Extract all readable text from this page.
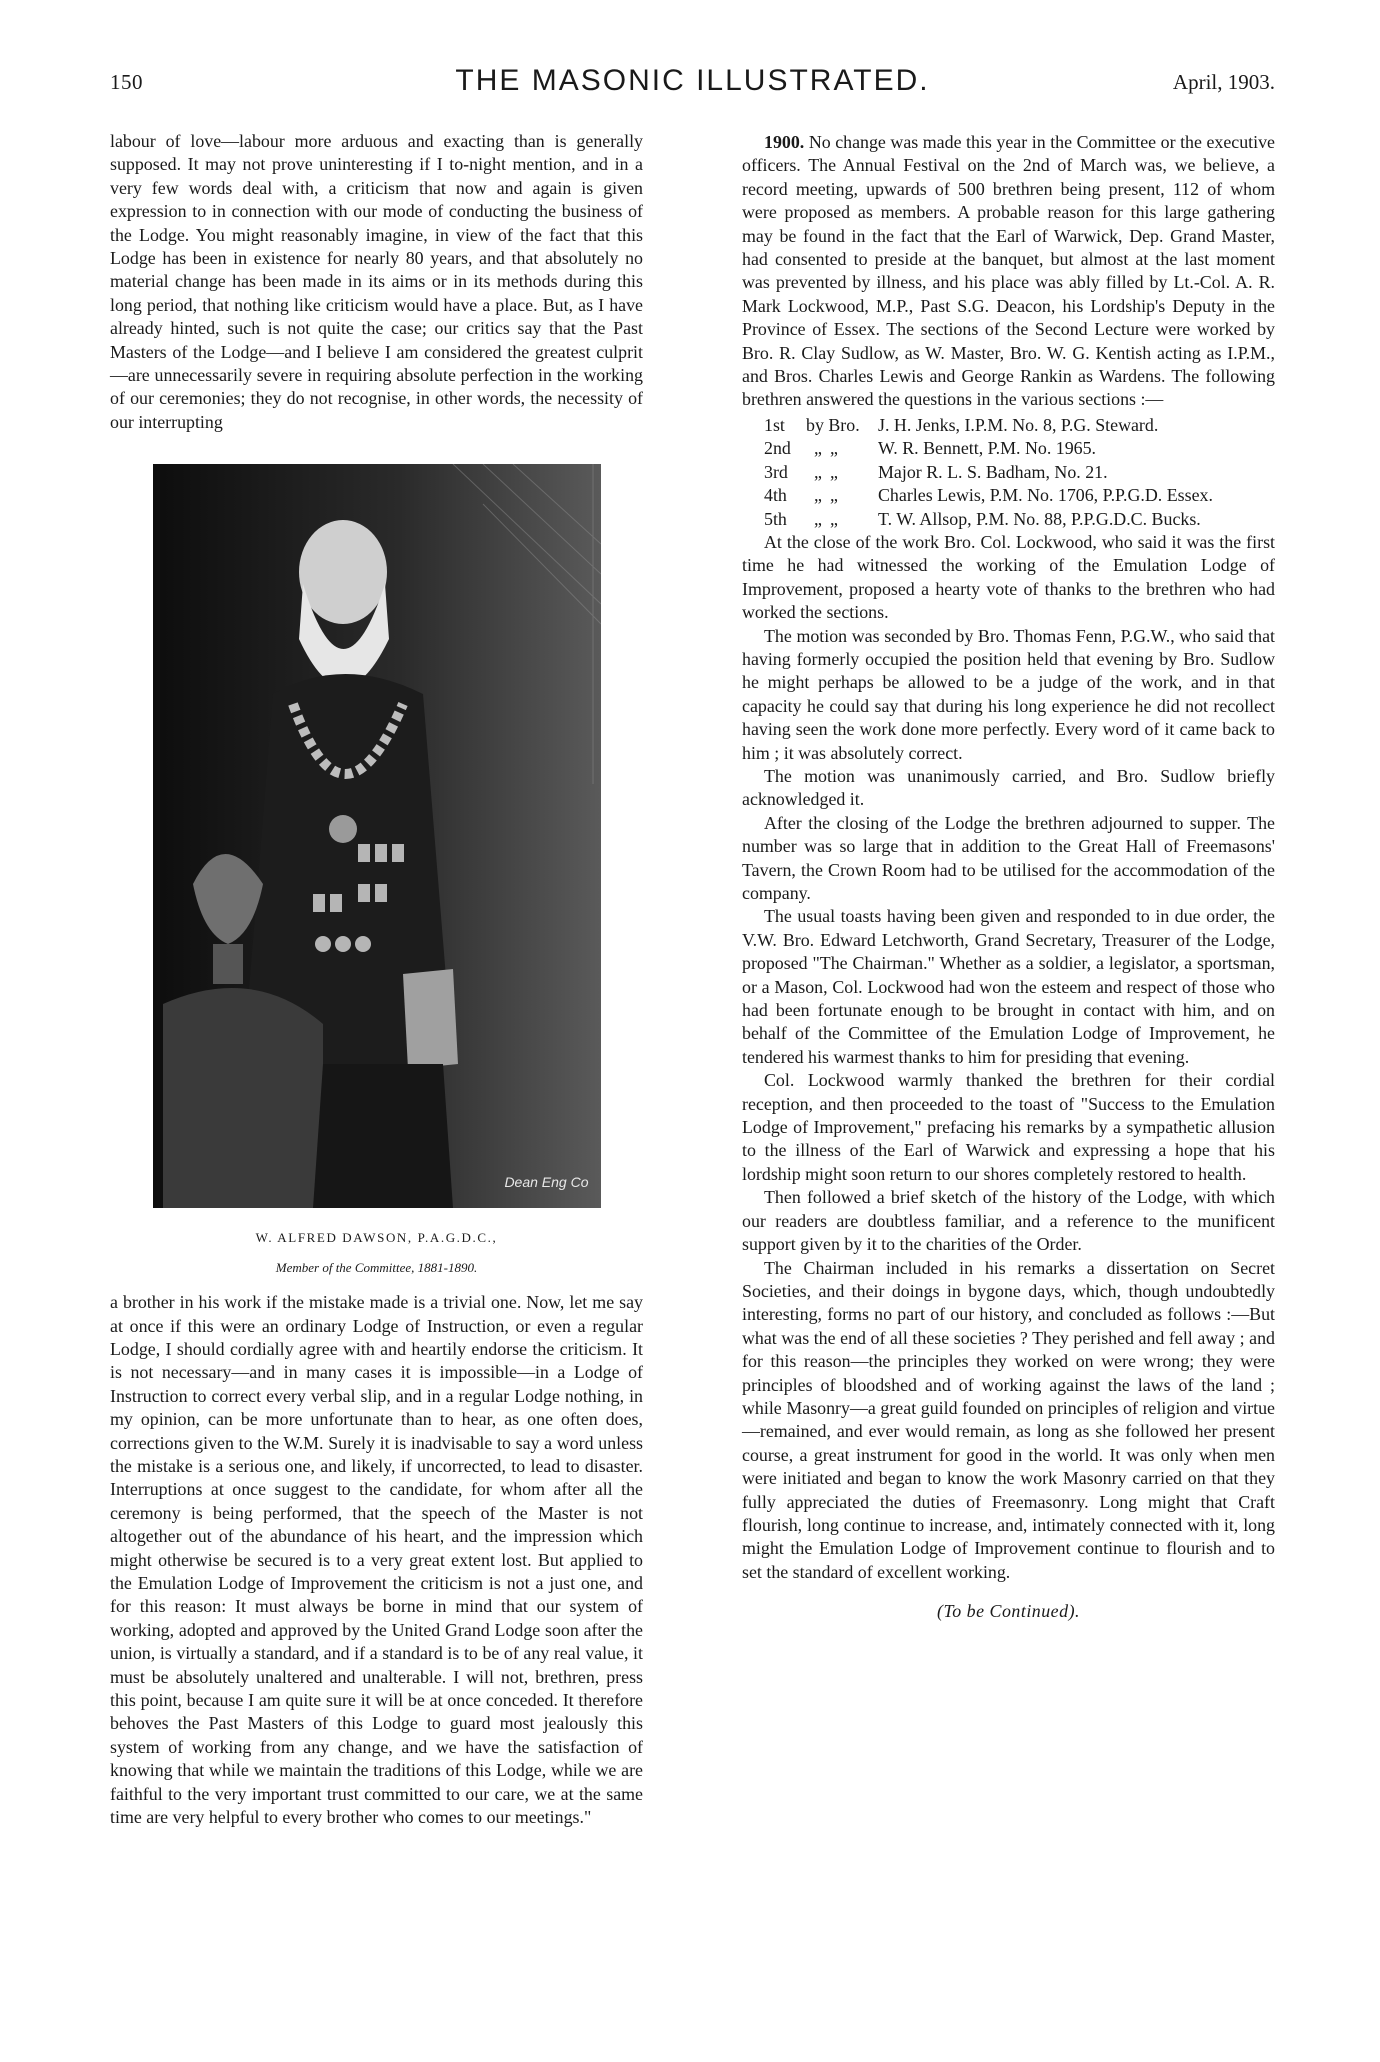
150	THE MASONIC ILLUSTRATED.	April, 1903.

labour of love—labour more arduous and exacting than is generally supposed. It may not prove uninteresting if I to-night mention, and in a very few words deal with, a criticism that now and again is given expression to in connection with our mode of conducting the business of the Lodge. You might reasonably imagine, in view of the fact that this Lodge has been in existence for nearly 80 years, and that absolutely no material change has been made in its aims or in its methods during this long period, that nothing like criticism would have a place. But, as I have already hinted, such is not quite the case; our critics say that the Past Masters of the Lodge—and I believe I am considered the greatest culprit—are unnecessarily severe in requiring absolute perfection in the working of our ceremonies; they do not recognise, in other words, the necessity of our interrupting

Dean Eng Co
W. ALFRED DAWSON, P.A.G.D.C.,
Member of the Committee, 1881-1890.

a brother in his work if the mistake made is a trivial one. Now, let me say at once if this were an ordinary Lodge of Instruction, or even a regular Lodge, I should cordially agree with and heartily endorse the criticism. It is not necessary—and in many cases it is impossible—in a Lodge of Instruction to correct every verbal slip, and in a regular Lodge nothing, in my opinion, can be more unfortunate than to hear, as one often does, corrections given to the W.M. Surely it is inadvisable to say a word unless the mistake is a serious one, and likely, if uncorrected, to lead to disaster. Interruptions at once suggest to the candidate, for whom after all the ceremony is being performed, that the speech of the Master is not altogether out of the abundance of his heart, and the impression which might otherwise be secured is to a very great extent lost. But applied to the Emulation Lodge of Improvement the criticism is not a just one, and for this reason: It must always be borne in mind that our system of working, adopted and approved by the United Grand Lodge soon after the union, is virtually a standard, and if a standard is to be of any real value, it must be absolutely unaltered and unalterable. I will not, brethren, press this point, because I am quite sure it will be at once conceded. It therefore behoves the Past Masters of this Lodge to guard most jealously this system of working from any change, and we have the satisfaction of knowing that while we maintain the traditions of this Lodge, while we are faithful to the very important trust committed to our care, we at the same time are very helpful to every brother who comes to our meetings."

1900. No change was made this year in the Committee or the executive officers. The Annual Festival on the 2nd of March was, we believe, a record meeting, upwards of 500 brethren being present, 112 of whom were proposed as members. A probable reason for this large gathering may be found in the fact that the Earl of Warwick, Dep. Grand Master, had consented to preside at the banquet, but almost at the last moment was prevented by illness, and his place was ably filled by Lt.-Col. A. R. Mark Lockwood, M.P., Past S.G. Deacon, his Lordship's Deputy in the Province of Essex. The sections of the Second Lecture were worked by Bro. R. Clay Sudlow, as W. Master, Bro. W. G. Kentish acting as I.P.M., and Bros. Charles Lewis and George Rankin as Wardens. The following brethren answered the questions in the various sections :—

1st	by Bro.	J. H. Jenks, I.P.M. No. 8, P.G. Steward.
2nd	„ „	W. R. Bennett, P.M. No. 1965.
3rd	„ „	Major R. L. S. Badham, No. 21.
4th	„ „	Charles Lewis, P.M. No. 1706, P.P.G.D. Essex.
5th	„ „	T. W. Allsop, P.M. No. 88, P.P.G.D.C. Bucks.

At the close of the work Bro. Col. Lockwood, who said it was the first time he had witnessed the working of the Emulation Lodge of Improvement, proposed a hearty vote of thanks to the brethren who had worked the sections.

The motion was seconded by Bro. Thomas Fenn, P.G.W., who said that having formerly occupied the position held that evening by Bro. Sudlow he might perhaps be allowed to be a judge of the work, and in that capacity he could say that during his long experience he did not recollect having seen the work done more perfectly. Every word of it came back to him ; it was absolutely correct.

The motion was unanimously carried, and Bro. Sudlow briefly acknowledged it.

After the closing of the Lodge the brethren adjourned to supper. The number was so large that in addition to the Great Hall of Freemasons' Tavern, the Crown Room had to be utilised for the accommodation of the company.

The usual toasts having been given and responded to in due order, the V.W. Bro. Edward Letchworth, Grand Secretary, Treasurer of the Lodge, proposed "The Chairman." Whether as a soldier, a legislator, a sportsman, or a Mason, Col. Lockwood had won the esteem and respect of those who had been fortunate enough to be brought in contact with him, and on behalf of the Committee of the Emulation Lodge of Improvement, he tendered his warmest thanks to him for presiding that evening.

Col. Lockwood warmly thanked the brethren for their cordial reception, and then proceeded to the toast of "Success to the Emulation Lodge of Improvement," prefacing his remarks by a sympathetic allusion to the illness of the Earl of Warwick and expressing a hope that his lordship might soon return to our shores completely restored to health.

Then followed a brief sketch of the history of the Lodge, with which our readers are doubtless familiar, and a reference to the munificent support given by it to the charities of the Order.

The Chairman included in his remarks a dissertation on Secret Societies, and their doings in bygone days, which, though undoubtedly interesting, forms no part of our history, and concluded as follows :—But what was the end of all these societies ? They perished and fell away ; and for this reason—the principles they worked on were wrong; they were principles of bloodshed and of working against the laws of the land ; while Masonry—a great guild founded on principles of religion and virtue—remained, and ever would remain, as long as she followed her present course, a great instrument for good in the world. It was only when men were initiated and began to know the work Masonry carried on that they fully appreciated the duties of Freemasonry. Long might that Craft flourish, long continue to increase, and, intimately connected with it, long might the Emulation Lodge of Improvement continue to flourish and to set the standard of excellent working.

(To be Continued).
